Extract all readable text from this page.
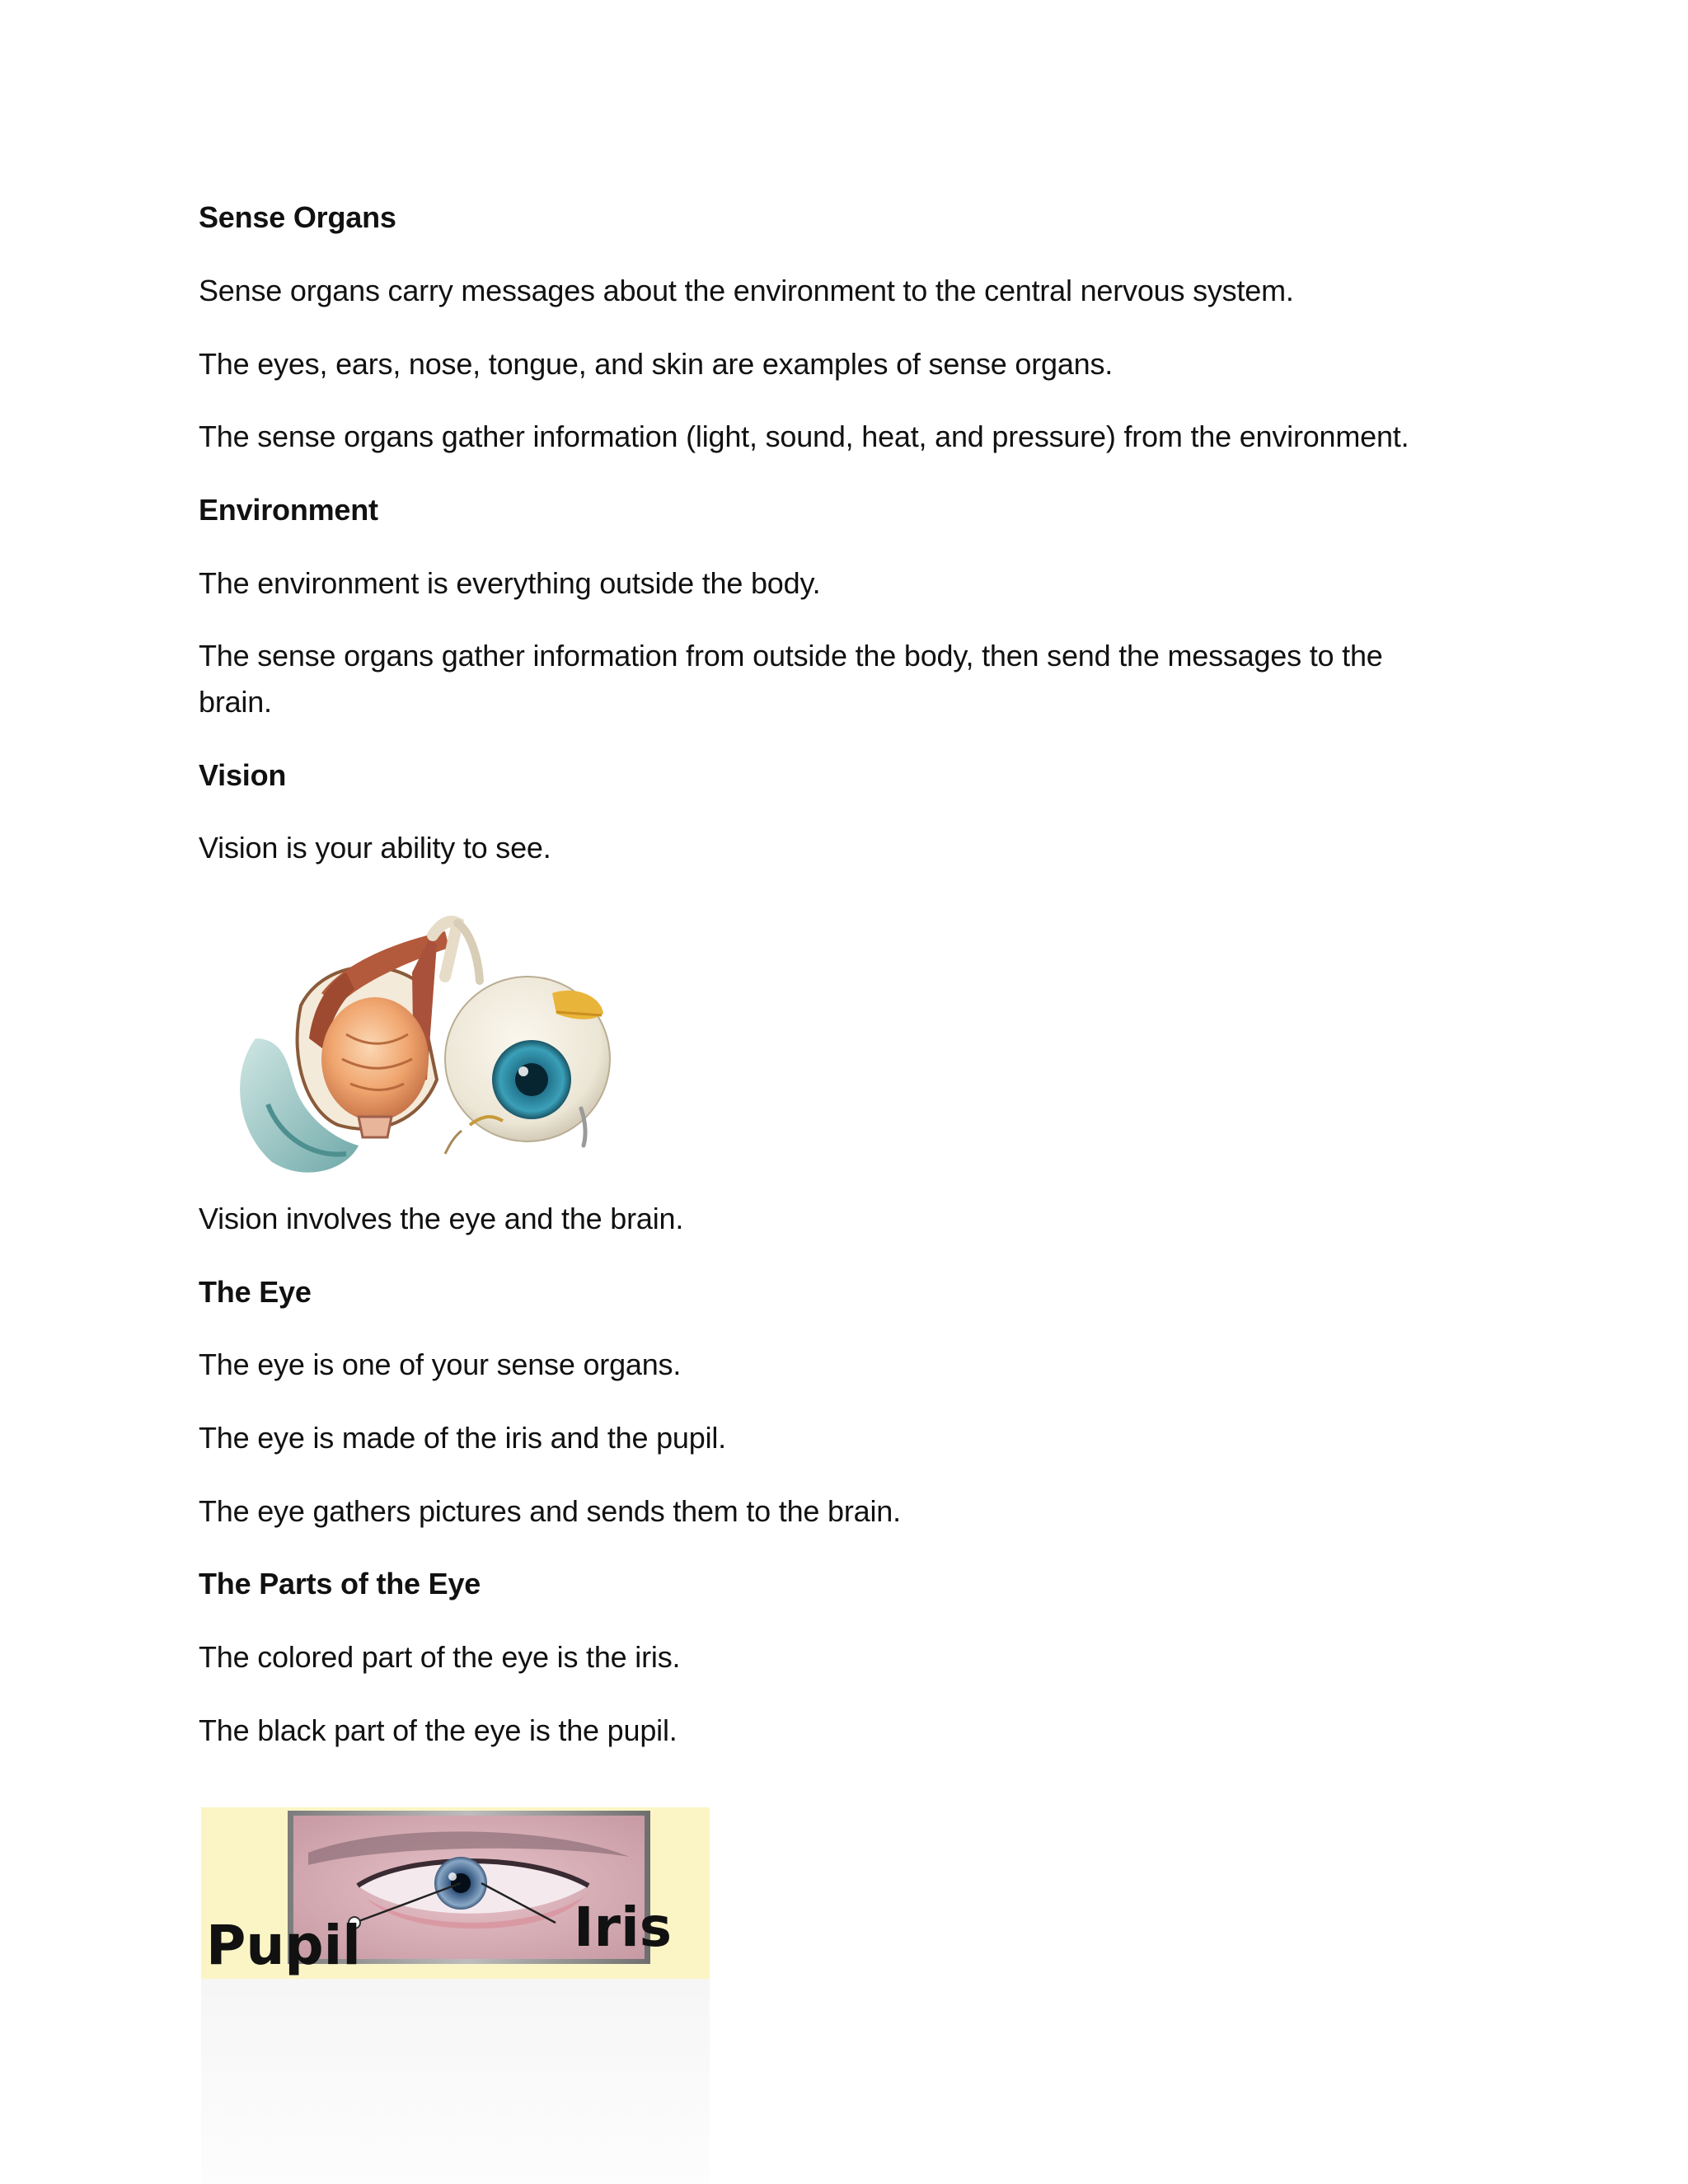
Sense Organs
Sense organs carry messages about the environment to the central nervous system.
The eyes, ears, nose, tongue, and skin are examples of sense organs.
The sense organs gather information (light, sound, heat, and pressure) from the environment.
Environment
The environment is everything outside the body.
The sense organs gather information from outside the body, then send the messages to the
brain.
Vision
Vision is your ability to see.
Vision involves the eye and the brain.
The Eye
The eye is one of your sense organs.
The eye is made of the iris and the pupil.
The eye gathers pictures and sends them to the brain.
The Parts of the Eye
The colored part of the eye is the iris.
The black part of the eye is the pupil.
Pupil	Iris
